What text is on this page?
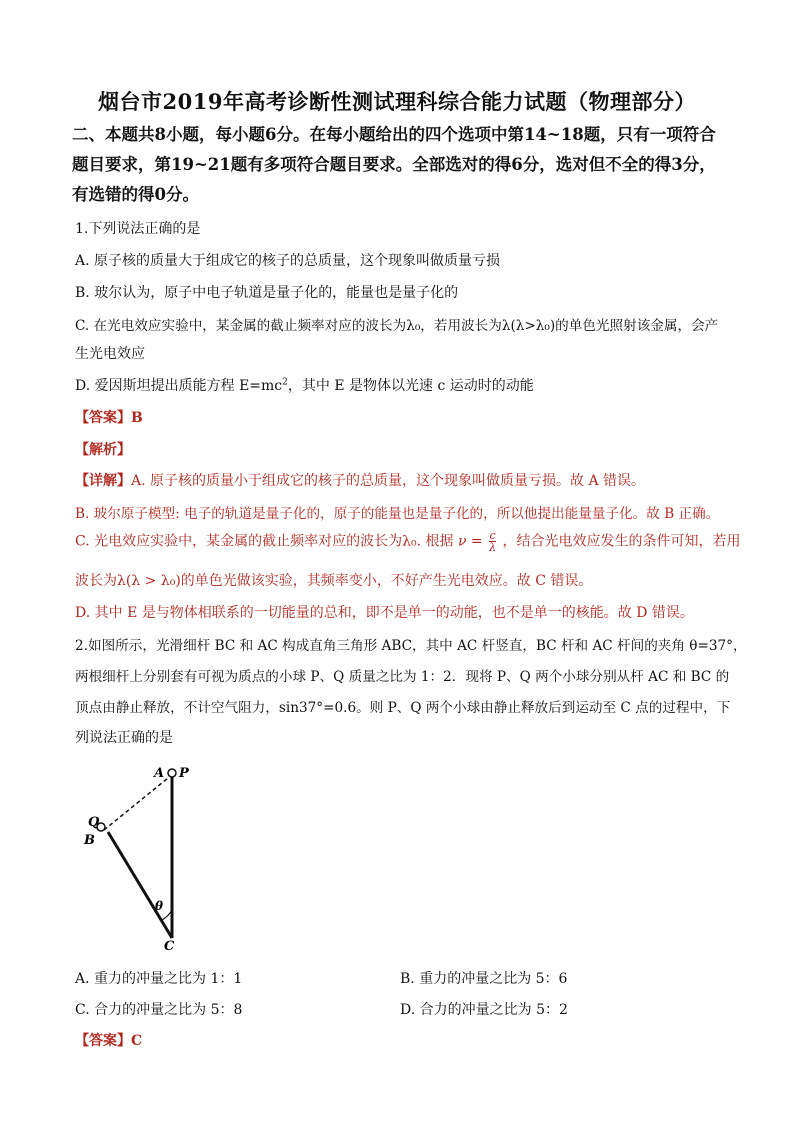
烟台市2019年高考诊断性测试理科综合能力试题（物理部分）
二、本题共8小题，每小题6分。在每小题给出的四个选项中第14~18题，只有一项符合题目要求，第19~21题有多项符合题目要求。全部选对的得6分，选对但不全的得3分，有选错的得0分。
1.下列说法正确的是
A. 原子核的质量大于组成它的核子的总质量，这个现象叫做质量亏损
B. 玻尔认为，原子中电子轨道是量子化的，能量也是量子化的
C. 在光电效应实验中，某金属的截止频率对应的波长为λ₀，若用波长为λ(λ>λ₀)的单色光照射该金属，会产
生光电效应
D. 爱因斯坦提出质能方程 $E=mc^2$，其中 E 是物体以光速 c 运动时的动能
【答案】B
【解析】
【详解】A. 原子核的质量小于组成它的核子的总质量，这个现象叫做质量亏损。故 A 错误。
B. 玻尔原子模型: 电子的轨道是量子化的，原子的能量也是量子化的，所以他提出能量量子化。故 B 正确。
C. 光电效应实验中，某金属的截止频率对应的波长为λ₀. 根据 $\nu = \frac{c}{\lambda}$ ，结合光电效应发生的条件可知，若用
波长为λ(λ > λ₀)的单色光做该实验，其频率变小，不好产生光电效应。故 C 错误。
D. 其中 E 是与物体相联系的一切能量的总和，即不是单一的动能，也不是单一的核能。故 D 错误。
2.如图所示，光滑细杆 BC 和 AC 构成直角三角形 ABC，其中 AC 杆竖直，BC 杆和 AC 杆间的夹角 θ=37°，
两根细杆上分别套有可视为质点的小球 P、Q 质量之比为 1：2．现将 P、Q 两个小球分别从杆 AC 和 BC 的
顶点由静止释放，不计空气阻力，sin37°=0.6。则 P、Q 两个小球由静止释放后到运动至 C 点的过程中，下
列说法正确的是
A P
Q
B
C
θ
A. 重力的冲量之比为 1：1	B. 重力的冲量之比为 5：6
C. 合力的冲量之比为 5：8	D. 合力的冲量之比为 5：2
【答案】C
